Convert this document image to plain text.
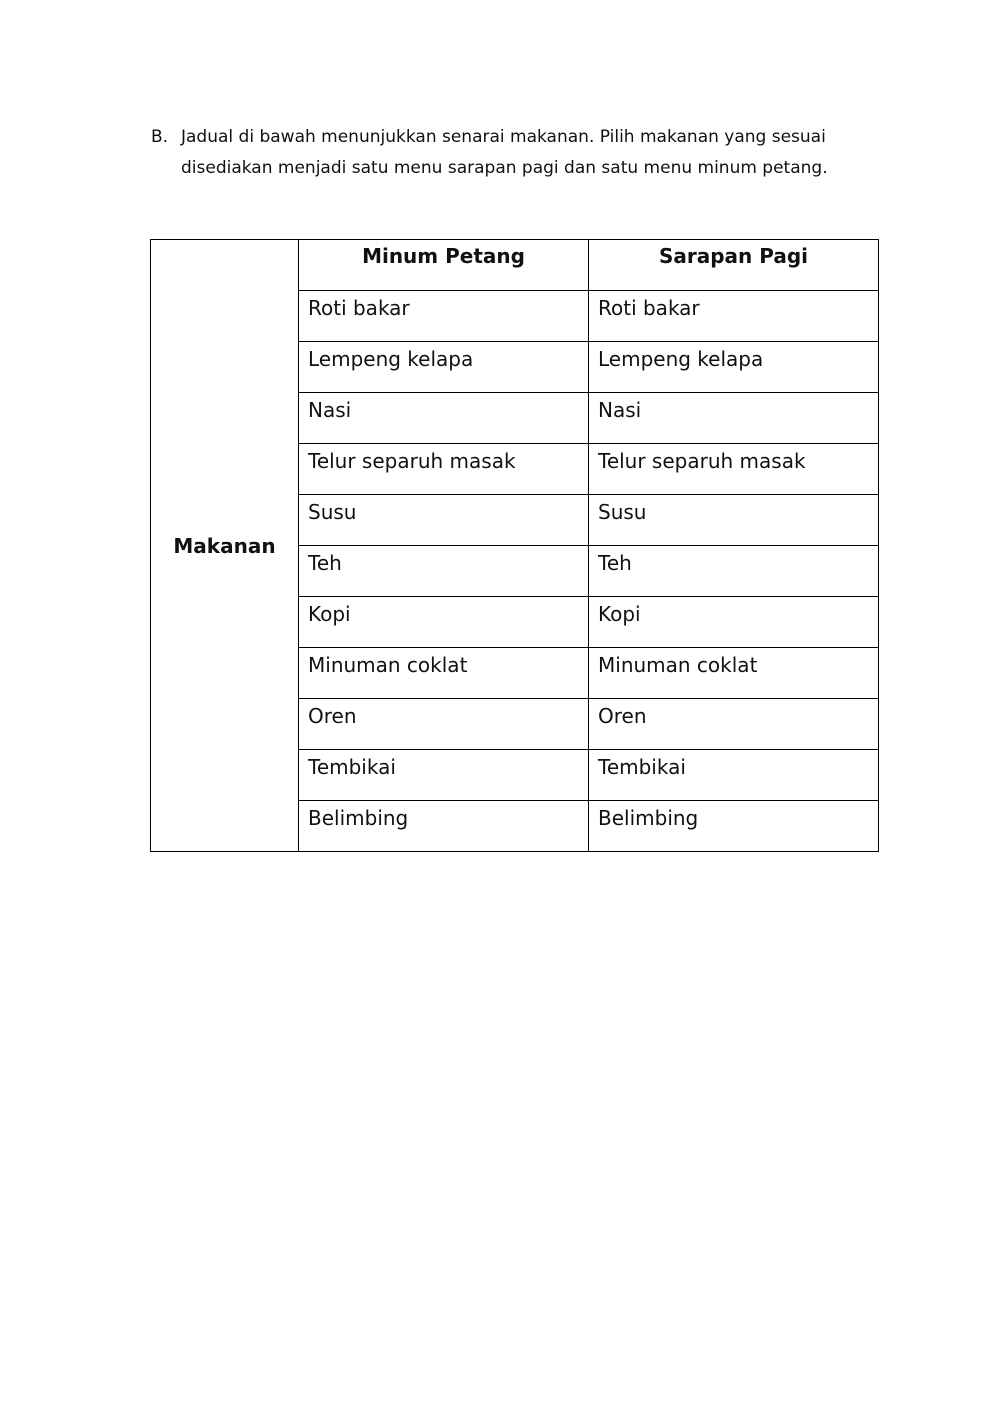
B. Jadual di bawah menunjukkan senarai makanan. Pilih makanan yang sesuai disediakan menjadi satu menu sarapan pagi dan satu menu minum petang.
Makanan	Minum Petang	Sarapan Pagi
	Roti bakar	Roti bakar
	Lempeng kelapa	Lempeng kelapa
	Nasi	Nasi
	Telur separuh masak	Telur separuh masak
	Susu	Susu
	Teh	Teh
	Kopi	Kopi
	Minuman coklat	Minuman coklat
	Oren	Oren
	Tembikai	Tembikai
	Belimbing	Belimbing
